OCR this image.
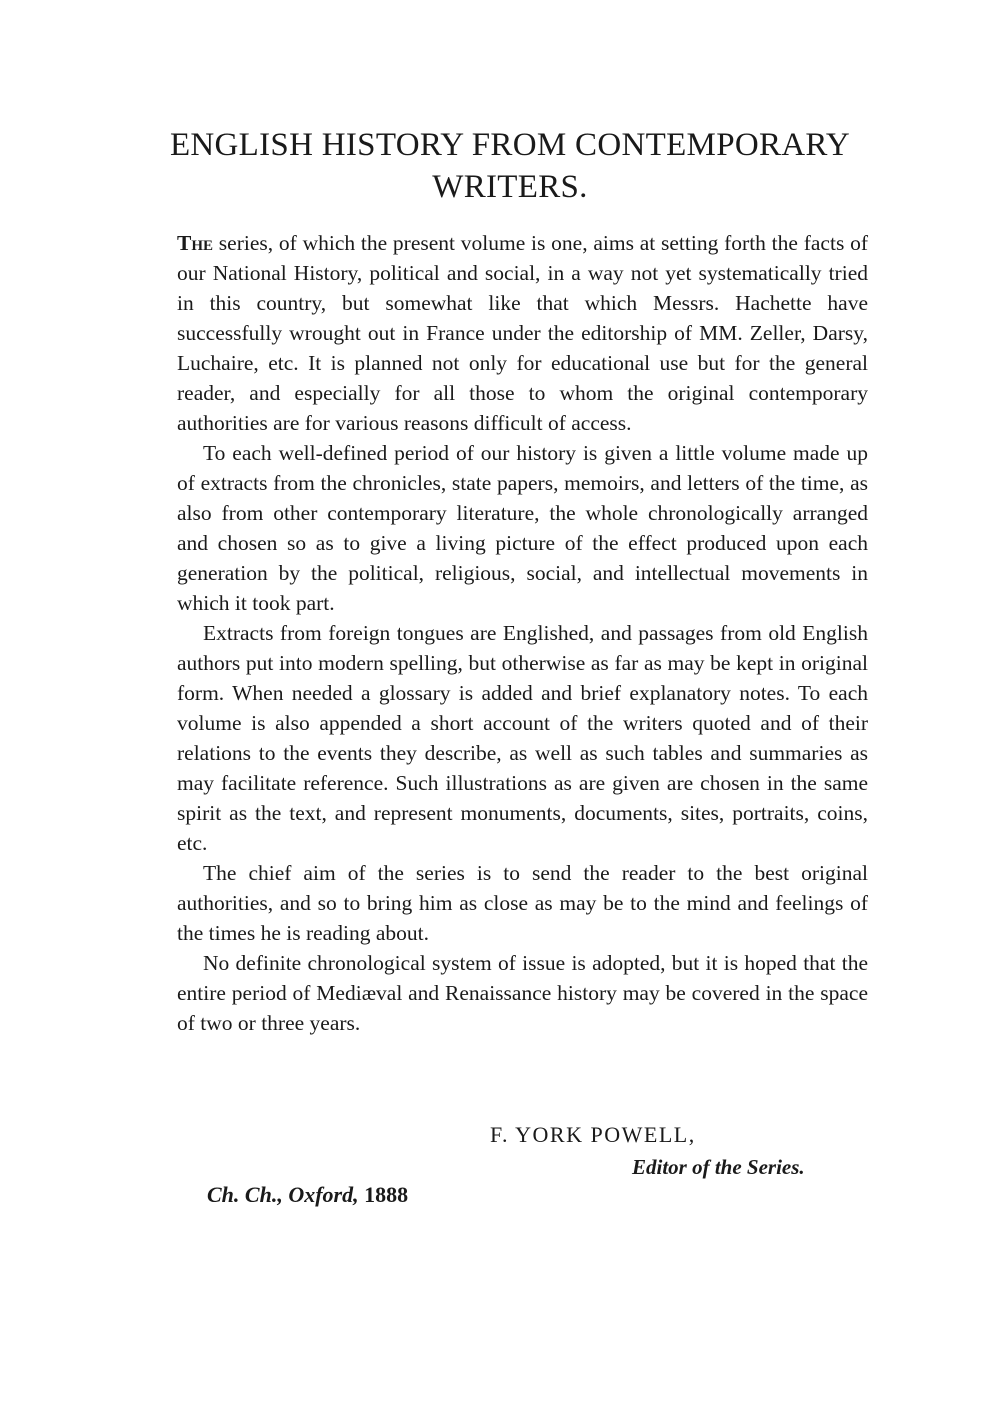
ENGLISH HISTORY FROM CONTEMPORARY
WRITERS.

The series, of which the present volume is one, aims at setting forth the facts of our National History, political and social, in a way not yet systematically tried in this country, but somewhat like that which Messrs. Hachette have successfully wrought out in France under the editorship of MM. Zeller, Darsy, Luchaire, etc. It is planned not only for educational use but for the general reader, and especially for all those to whom the original contemporary authorities are for various reasons difficult of access.

To each well-defined period of our history is given a little volume made up of extracts from the chronicles, state papers, memoirs, and letters of the time, as also from other contemporary literature, the whole chronologically arranged and chosen so as to give a living picture of the effect produced upon each generation by the political, religious, social, and intellectual movements in which it took part.

Extracts from foreign tongues are Englished, and passages from old English authors put into modern spelling, but otherwise as far as may be kept in original form. When needed a glossary is added and brief explanatory notes. To each volume is also appended a short account of the writers quoted and of their relations to the events they describe, as well as such tables and summaries as may facilitate reference. Such illustrations as are given are chosen in the same spirit as the text, and represent monuments, documents, sites, portraits, coins, etc.

The chief aim of the series is to send the reader to the best original authorities, and so to bring him as close as may be to the mind and feelings of the times he is reading about.

No definite chronological system of issue is adopted, but it is hoped that the entire period of Mediæval and Renaissance history may be covered in the space of two or three years.

F. YORK POWELL,
Editor of the Series.
Ch. Ch., Oxford, 1888
